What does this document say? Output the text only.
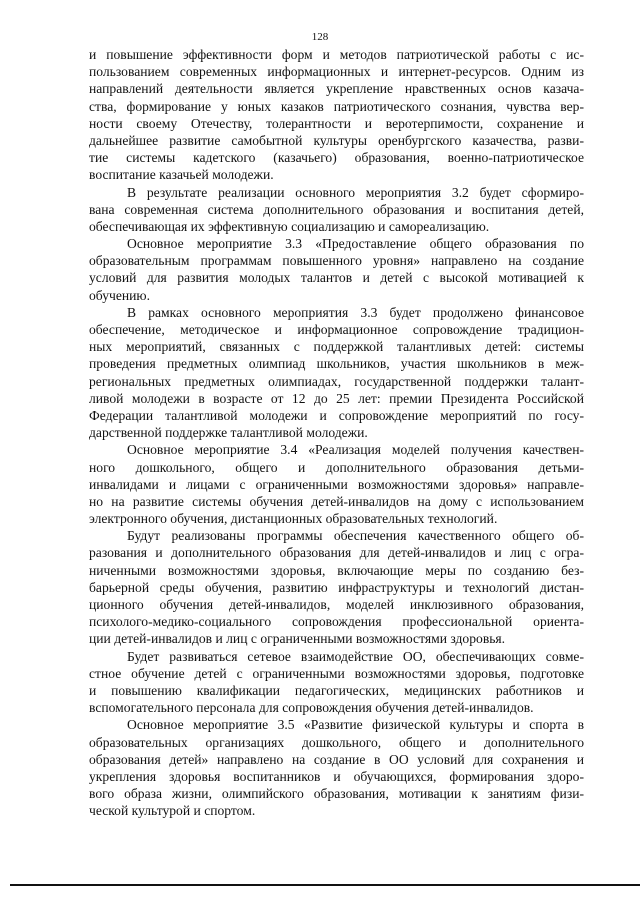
128
и повышение эффективности форм и методов патриотической работы с ис-
пользованием современных информационных и интернет-ресурсов. Одним из
направлений деятельности является укрепление нравственных основ казача-
ства, формирование у юных казаков патриотического сознания, чувства вер-
ности своему Отечеству, толерантности и веротерпимости, сохранение и
дальнейшее развитие самобытной культуры оренбургского казачества, разви-
тие системы кадетского (казачьего) образования, военно-патриотическое
воспитание казачьей молодежи.
В результате реализации основного мероприятия 3.2 будет сформиро-
вана современная система дополнительного образования и воспитания детей,
обеспечивающая их эффективную социализацию и самореализацию.
Основное мероприятие 3.3 «Предоставление общего образования по
образовательным программам повышенного уровня» направлено на создание
условий для развития молодых талантов и детей с высокой мотивацией к
обучению.
В рамках основного мероприятия 3.3 будет продолжено финансовое
обеспечение, методическое и информационное сопровождение традицион-
ных мероприятий, связанных с поддержкой талантливых детей: системы
проведения предметных олимпиад школьников, участия школьников в меж-
региональных предметных олимпиадах, государственной поддержки талант-
ливой молодежи в возрасте от 12 до 25 лет: премии Президента Российской
Федерации талантливой молодежи и сопровождение мероприятий по госу-
дарственной поддержке талантливой молодежи.
Основное мероприятие 3.4 «Реализация моделей получения качествен-
ного дошкольного, общего и дополнительного образования детьми-
инвалидами и лицами с ограниченными возможностями здоровья» направле-
но на развитие системы обучения детей-инвалидов на дому с использованием
электронного обучения, дистанционных образовательных технологий.
Будут реализованы программы обеспечения качественного общего об-
разования и дополнительного образования для детей-инвалидов и лиц с огра-
ниченными возможностями здоровья, включающие меры по созданию без-
барьерной среды обучения, развитию инфраструктуры и технологий дистан-
ционного обучения детей-инвалидов, моделей инклюзивного образования,
психолого-медико-социального сопровождения профессиональной ориента-
ции детей-инвалидов и лиц с ограниченными возможностями здоровья.
Будет развиваться сетевое взаимодействие ОО, обеспечивающих совме-
стное обучение детей с ограниченными возможностями здоровья, подготовке
и повышению квалификации педагогических, медицинских работников и
вспомогательного персонала для сопровождения обучения детей-инвалидов.
Основное мероприятие 3.5 «Развитие физической культуры и спорта в
образовательных организациях дошкольного, общего и дополнительного
образования детей» направлено на создание в ОО условий для сохранения и
укрепления здоровья воспитанников и обучающихся, формирования здоро-
вого образа жизни, олимпийского образования, мотивации к занятиям физи-
ческой культурой и спортом.
